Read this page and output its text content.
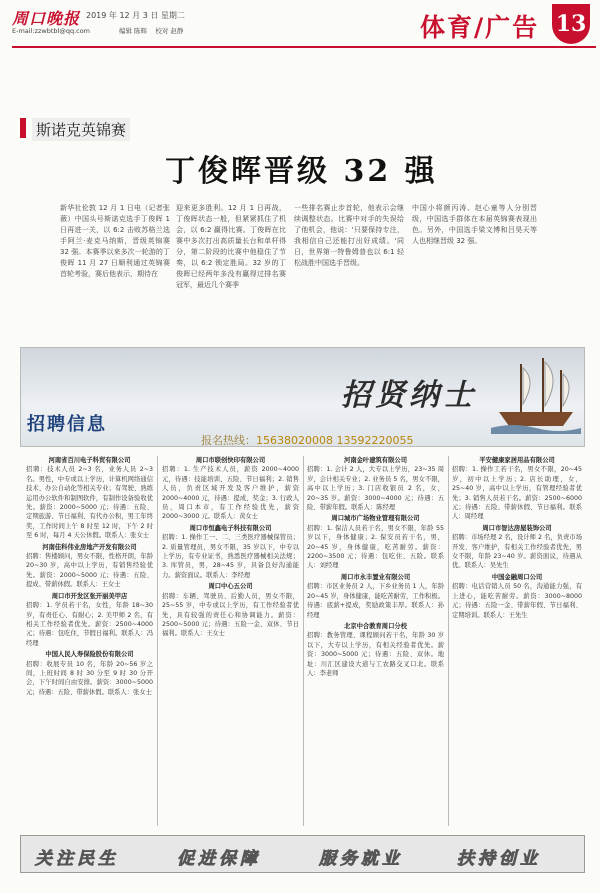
周口晚报 2019 年 12 月 3 日 星期二
E-mail:zzwbtbl@qq.com	编辑 陈辉 校对 赵静	体育/广告 13
斯诺克英锦赛
丁俊晖晋级 32 强
新华社伦敦 12 月 1 日电（记者张薇）中国头号斯诺克选手丁俊晖 1 日再进一关，以 6:2 击败苏格兰选手阿兰·麦克马纳斯，晋级英锦赛 32 强。本赛季以来多次一轮游的丁俊晖 11 月 27 日顺利通过英锦赛首轮考验，赛后他表示，期待在
迎来更多胜利。12 月 1 日再战，丁俊晖状态一般，但紧紧抓住了机会，以 6:2 赢得比赛。丁俊晖在比赛中多次打出高质量长台和单杆得分，第二阶段的比赛中他稳住了节奏，以 6:2 锁定胜局。32 岁的丁俊晖已经两年多没有赢得过排名赛冠军，最近几个赛季
一些排名赛止步首轮，他表示会继续调整状态。比赛中对手的失误给了他机会，他说：'只要保持专注，我相信自己还能打出好成绩。'同日，世界第一特鲁姆普也以 6:1 轻松战胜中国选手晋级。
中国小将颜丙涛、赵心童等人分别晋级，中国选手群体在本届英锦赛表现出色。另外，中国选手梁文博和吕昊天等人也相继晋级 32 强。
招聘信息
招贤纳士
报名热线：15638020008 13592220055
河南省百川电子科贸有限公司

招聘：技术人员 2~3 名，业务人员 2~3 名。男性，中专或以上学历，计算机网络通信技术、办公自动化等相关专业；有驾驶、熟练运用办公软件和制图软件，有制作设备验收优先。薪资：2000~5000 元；待遇：五险、定期旅游、节日福利、有代办公积，男工年终奖，工作时间上午 8 时至 12 时，下午 2 时至 6 时，每月 4 天公休假。联系人：张女士

河南佳科伟业房地产开发有限公司

招聘：售楼顾问，男女不限，性格开朗，年龄 20~30 岁，高中以上学历，有销售经验优先。薪资：2000~5000 元；待遇：五险、提成、带薪休假。联系人：王女士

周口市开发区张开丽美甲店

招聘：1. 学员若干名，女性，年龄 18~30 岁，有责任心、有耐心；2. 美甲师 2 名，有相关工作经验者优先。薪资：2500~4000 元；待遇：包吃住，节假日福利。联系人：冯经理

中国人民人寿保险股份有限公司

招聘：收展专员 10 名，年龄 20~56 岁之间，上班时间 8 时 30 分至 9 时 30 分开会，下午时间自由安排。薪资：3000~5000 元；待遇：五险、带薪休假。联系人：张女士

周口市联创快印有限公司

招聘：1. 生产技术人员，薪资 2000~4000 元，待遇：技能培训、五险、节日福利；2. 销售人员，负责区域开发及客户维护，薪资 2000~4000 元，待遇：提成、奖金；3. 行政人员，周口本市，有工作经验优先，薪资 2000~3000 元。联系人：黄女士

周口市恒鑫电子科技有限公司

招聘：1. 操作工一、二、三类医疗器械保管员；2. 质量管理员，男女不限，35 岁以下，中专以上学历，有专业证书，熟悉医疗器械相关法规；3. 库管员，男，28~45 岁，具备良好沟通能力。薪资面议。联系人：李经理

周口中心五公司

招聘：车辆、驾驶员、后勤人员，男女不限，25~55 岁，中专或以上学历，有工作经验者优先，具有较强的责任心和协调能力。薪资：2500~5000 元；待遇：五险一金、双休、节日福利。联系人：王女士

河南金叶建筑有限公司

招聘：1. 会计 2 人，大专以上学历，23~35 周岁，会计相关专业；2. 业务员 5 名，男女不限，高中以上学历；3. 门店收银员 2 名，女，20~35 岁。薪资：3000~4000 元；待遇：五险、带薪年假。联系人：陈经理

周口城市广场物业管理有限公司

招聘：1. 保洁人员若干名，男女不限，年龄 55 岁以下，身体健康；2. 保安员若干名，男，20~45 岁，身体健康，吃苦耐劳。薪资：2200~3500 元；待遇：包吃住、五险。联系人：刘经理

周口市永丰置业有限公司

招聘：市区业务员 2 人，下乡业务员 1 人，年龄 20~45 岁，身体健康，能吃苦耐劳，工作积极。待遇：底薪+提成，奖励政策丰厚。联系人：孙经理

北京中合教育周口分校

招聘：教务管理、课程顾问若干名，年龄 30 岁以下，大专以上学历，有相关经验者优先。薪资：3000~5000 元；待遇：五险、双休。地址：川汇区建设大道与工农路交叉口北。联系人：李老师

平安健康家居用品有限公司

招聘：1. 操作工若干名，男女不限，20~45 岁，初中以上学历；2. 店长助理，女，25~40 岁，高中以上学历，有管理经验者优先；3. 销售人员若干名。薪资：2500~6000 元；待遇：五险、带薪休假、节日福利。联系人：周经理

周口市智达房屋装饰公司

招聘：市场经理 2 名，设计师 2 名，负责市场开发、客户维护，有相关工作经验者优先，男女不限，年龄 23~40 岁。薪资面议，待遇从优。联系人：吴先生

中国金融周口公司

招聘：电话营销人员 50 名，沟通能力强，有上进心，能吃苦耐劳。薪资：3000~8000 元；待遇：五险一金、带薪年假、节日福利、定期培训。联系人：王先生

关注民生	促进保障	服务就业	扶持创业
